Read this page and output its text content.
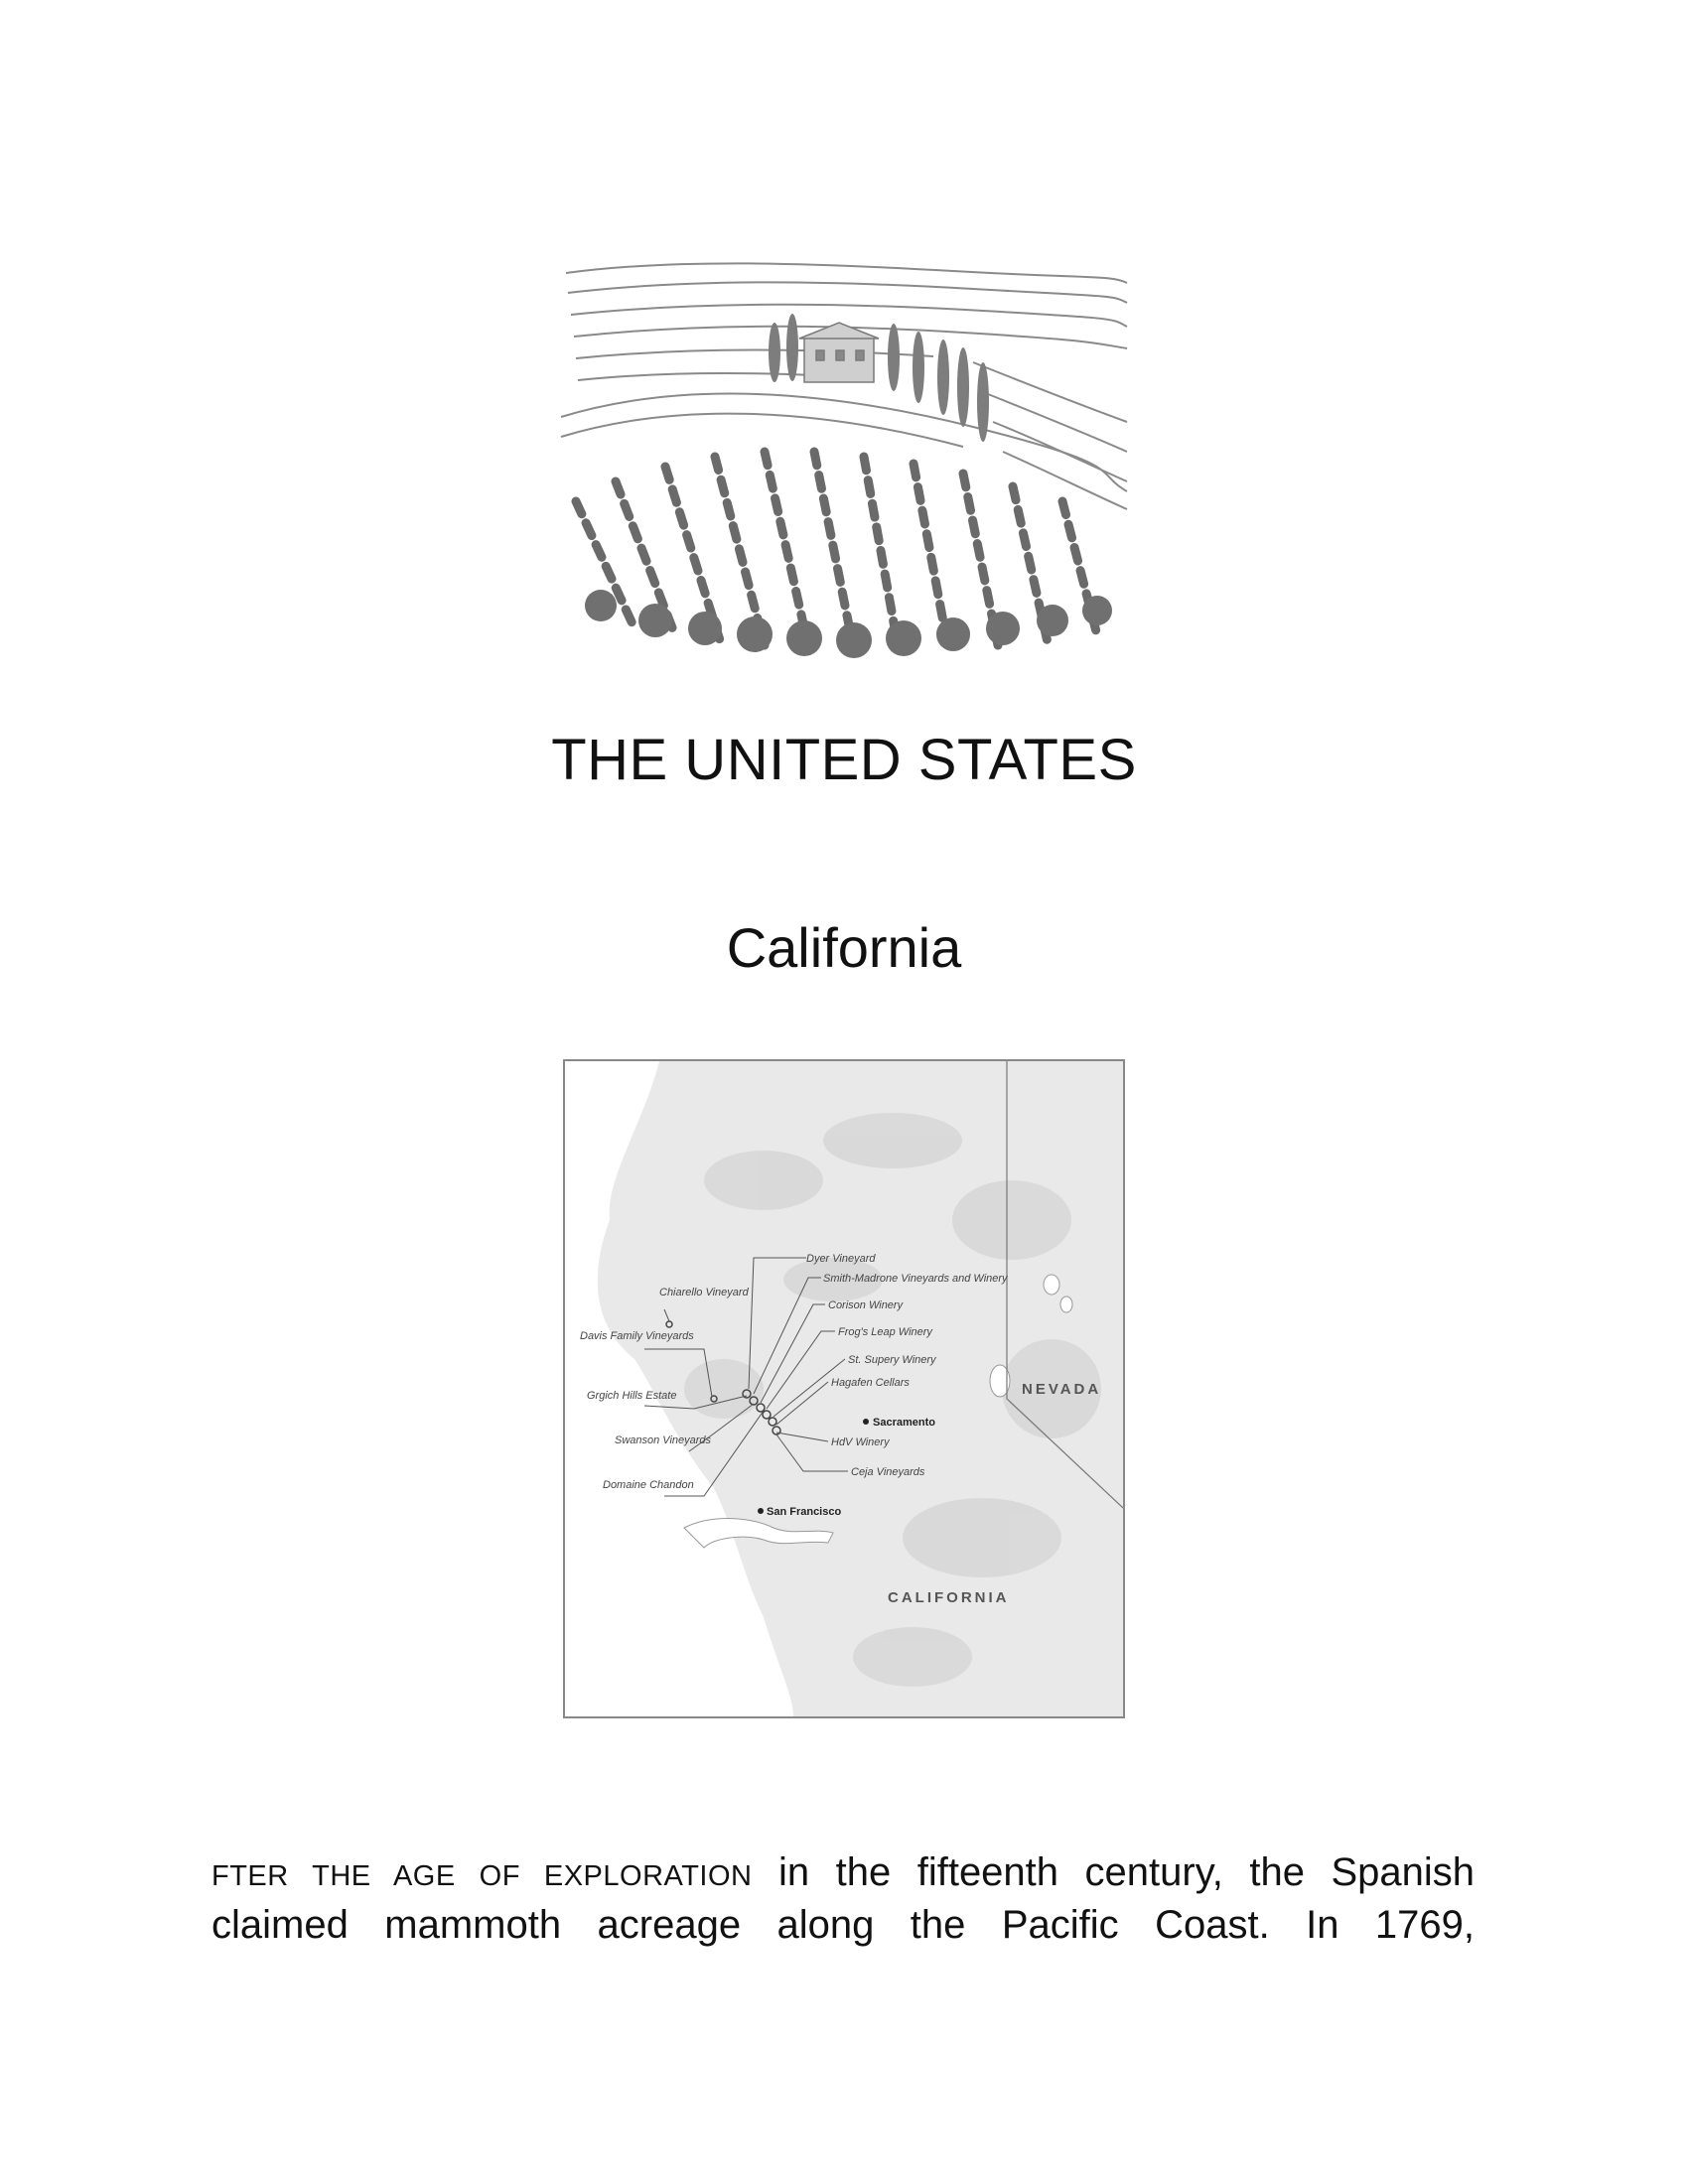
THE UNITED STATES
California
Dyer Vineyard
Smith-Madrone Vineyards and Winery
Corison Winery
Frog's Leap Winery
St. Supery Winery
Hagafen Cellars
HdV Winery
Ceja Vineyards
Chiarello Vineyard
Davis Family Vineyards
Grgich Hills Estate
Swanson Vineyards
Domaine Chandon
Sacramento
San Francisco
NEVADA
CALIFORNIA

FTER THE AGE OF EXPLORATION in the fifteenth century, the Spanish
claimed mammoth acreage along the Pacific Coast. In 1769,
